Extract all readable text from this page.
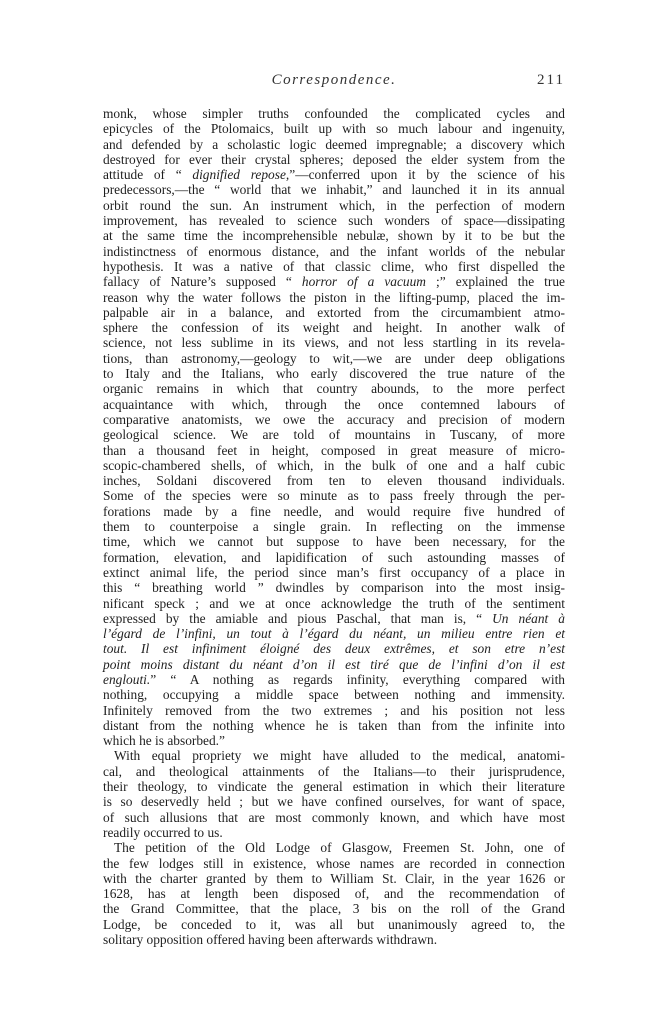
Correspondence.	211
monk, whose simpler truths confounded the complicated cycles and
epicycles of the Ptolomaics, built up with so much labour and ingenuity,
and defended by a scholastic logic deemed impregnable; a discovery which
destroyed for ever their crystal spheres; deposed the elder system from the
attitude of “ dignified repose,”—conferred upon it by the science of his
predecessors,—the “ world that we inhabit,” and launched it in its annual
orbit round the sun. An instrument which, in the perfection of modern
improvement, has revealed to science such wonders of space—dissipating
at the same time the incomprehensible nebulæ, shown by it to be but the
indistinctness of enormous distance, and the infant worlds of the nebular
hypothesis. It was a native of that classic clime, who first dispelled the
fallacy of Nature’s supposed “ horror of a vacuum ;” explained the true
reason why the water follows the piston in the lifting-pump, placed the im-
palpable air in a balance, and extorted from the circumambient atmo-
sphere the confession of its weight and height. In another walk of
science, not less sublime in its views, and not less startling in its revela-
tions, than astronomy,—geology to wit,—we are under deep obligations
to Italy and the Italians, who early discovered the true nature of the
organic remains in which that country abounds, to the more perfect
acquaintance with which, through the once contemned labours of
comparative anatomists, we owe the accuracy and precision of modern
geological science. We are told of mountains in Tuscany, of more
than a thousand feet in height, composed in great measure of micro-
scopic-chambered shells, of which, in the bulk of one and a half cubic
inches, Soldani discovered from ten to eleven thousand individuals.
Some of the species were so minute as to pass freely through the per-
forations made by a fine needle, and would require five hundred of
them to counterpoise a single grain. In reflecting on the immense
time, which we cannot but suppose to have been necessary, for the
formation, elevation, and lapidification of such astounding masses of
extinct animal life, the period since man’s first occupancy of a place in
this “ breathing world ” dwindles by comparison into the most insig-
nificant speck ; and we at once acknowledge the truth of the sentiment
expressed by the amiable and pious Paschal, that man is, “ Un néant à
l’égard de l’infini, un tout à l’égard du néant, un milieu entre rien et
tout. Il est infiniment éloigné des deux extrêmes, et son etre n’est
point moins distant du néant d’on il est tiré que de l’infini d’on il est
englouti.” “ A nothing as regards infinity, everything compared with
nothing, occupying a middle space between nothing and immensity.
Infinitely removed from the two extremes ; and his position not less
distant from the nothing whence he is taken than from the infinite into
which he is absorbed.”
With equal propriety we might have alluded to the medical, anatomi-
cal, and theological attainments of the Italians—to their jurisprudence,
their theology, to vindicate the general estimation in which their literature
is so deservedly held ; but we have confined ourselves, for want of space,
of such allusions that are most commonly known, and which have most
readily occurred to us.
The petition of the Old Lodge of Glasgow, Freemen St. John, one of
the few lodges still in existence, whose names are recorded in connection
with the charter granted by them to William St. Clair, in the year 1626 or
1628, has at length been disposed of, and the recommendation of
the Grand Committee, that the place, 3 bis on the roll of the Grand
Lodge, be conceded to it, was all but unanimously agreed to, the
solitary opposition offered having been afterwards withdrawn.
